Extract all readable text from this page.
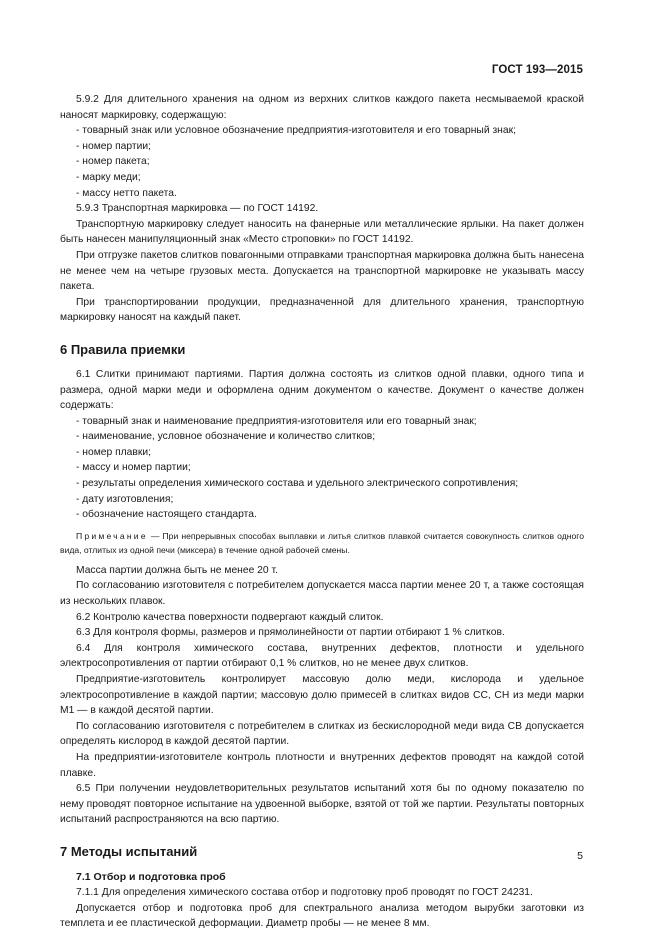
ГОСТ 193—2015
5.9.2 Для длительного хранения на одном из верхних слитков каждого пакета несмываемой краской наносят маркировку, содержащую:
- товарный знак или условное обозначение предприятия-изготовителя и его товарный знак;
- номер партии;
- номер пакета;
- марку меди;
- массу нетто пакета.
5.9.3 Транспортная маркировка — по ГОСТ 14192.
Транспортную маркировку следует наносить на фанерные или металлические ярлыки. На пакет должен быть нанесен манипуляционный знак «Место строповки» по ГОСТ 14192.
При отгрузке пакетов слитков повагонными отправками транспортная маркировка должна быть нанесена не менее чем на четыре грузовых места. Допускается на транспортной маркировке не указывать массу пакета.
При транспортировании продукции, предназначенной для длительного хранения, транспортную маркировку наносят на каждый пакет.
6 Правила приемки
6.1 Слитки принимают партиями. Партия должна состоять из слитков одной плавки, одного типа и размера, одной марки меди и оформлена одним документом о качестве. Документ о качестве должен содержать:
- товарный знак и наименование предприятия-изготовителя или его товарный знак;
- наименование, условное обозначение и количество слитков;
- номер плавки;
- массу и номер партии;
- результаты определения химического состава и удельного электрического сопротивления;
- дату изготовления;
- обозначение настоящего стандарта.
Примечание — При непрерывных способах выплавки и литья слитков плавкой считается совокупность слитков одного вида, отлитых из одной печи (миксера) в течение одной рабочей смены.
Масса партии должна быть не менее 20 т.
По согласованию изготовителя с потребителем допускается масса партии менее 20 т, а также состоящая из нескольких плавок.
6.2 Контролю качества поверхности подвергают каждый слиток.
6.3 Для контроля формы, размеров и прямолинейности от партии отбирают 1 % слитков.
6.4 Для контроля химического состава, внутренних дефектов, плотности и удельного электросопротивления от партии отбирают 0,1 % слитков, но не менее двух слитков.
Предприятие-изготовитель контролирует массовую долю меди, кислорода и удельное электросопротивление в каждой партии; массовую долю примесей в слитках видов СС, СН из меди марки М1 — в каждой десятой партии.
По согласованию изготовителя с потребителем в слитках из бескислородной меди вида СВ допускается определять кислород в каждой десятой партии.
На предприятии-изготовителе контроль плотности и внутренних дефектов проводят на каждой сотой плавке.
6.5 При получении неудовлетворительных результатов испытаний хотя бы по одному показателю по нему проводят повторное испытание на удвоенной выборке, взятой от той же партии. Результаты повторных испытаний распространяются на всю партию.
7 Методы испытаний
7.1 Отбор и подготовка проб
7.1.1 Для определения химического состава отбор и подготовку проб проводят по ГОСТ 24231.
Допускается отбор и подготовка проб для спектрального анализа методом вырубки заготовки из темплета и ее пластической деформации. Диаметр пробы — не менее 8 мм.
5
